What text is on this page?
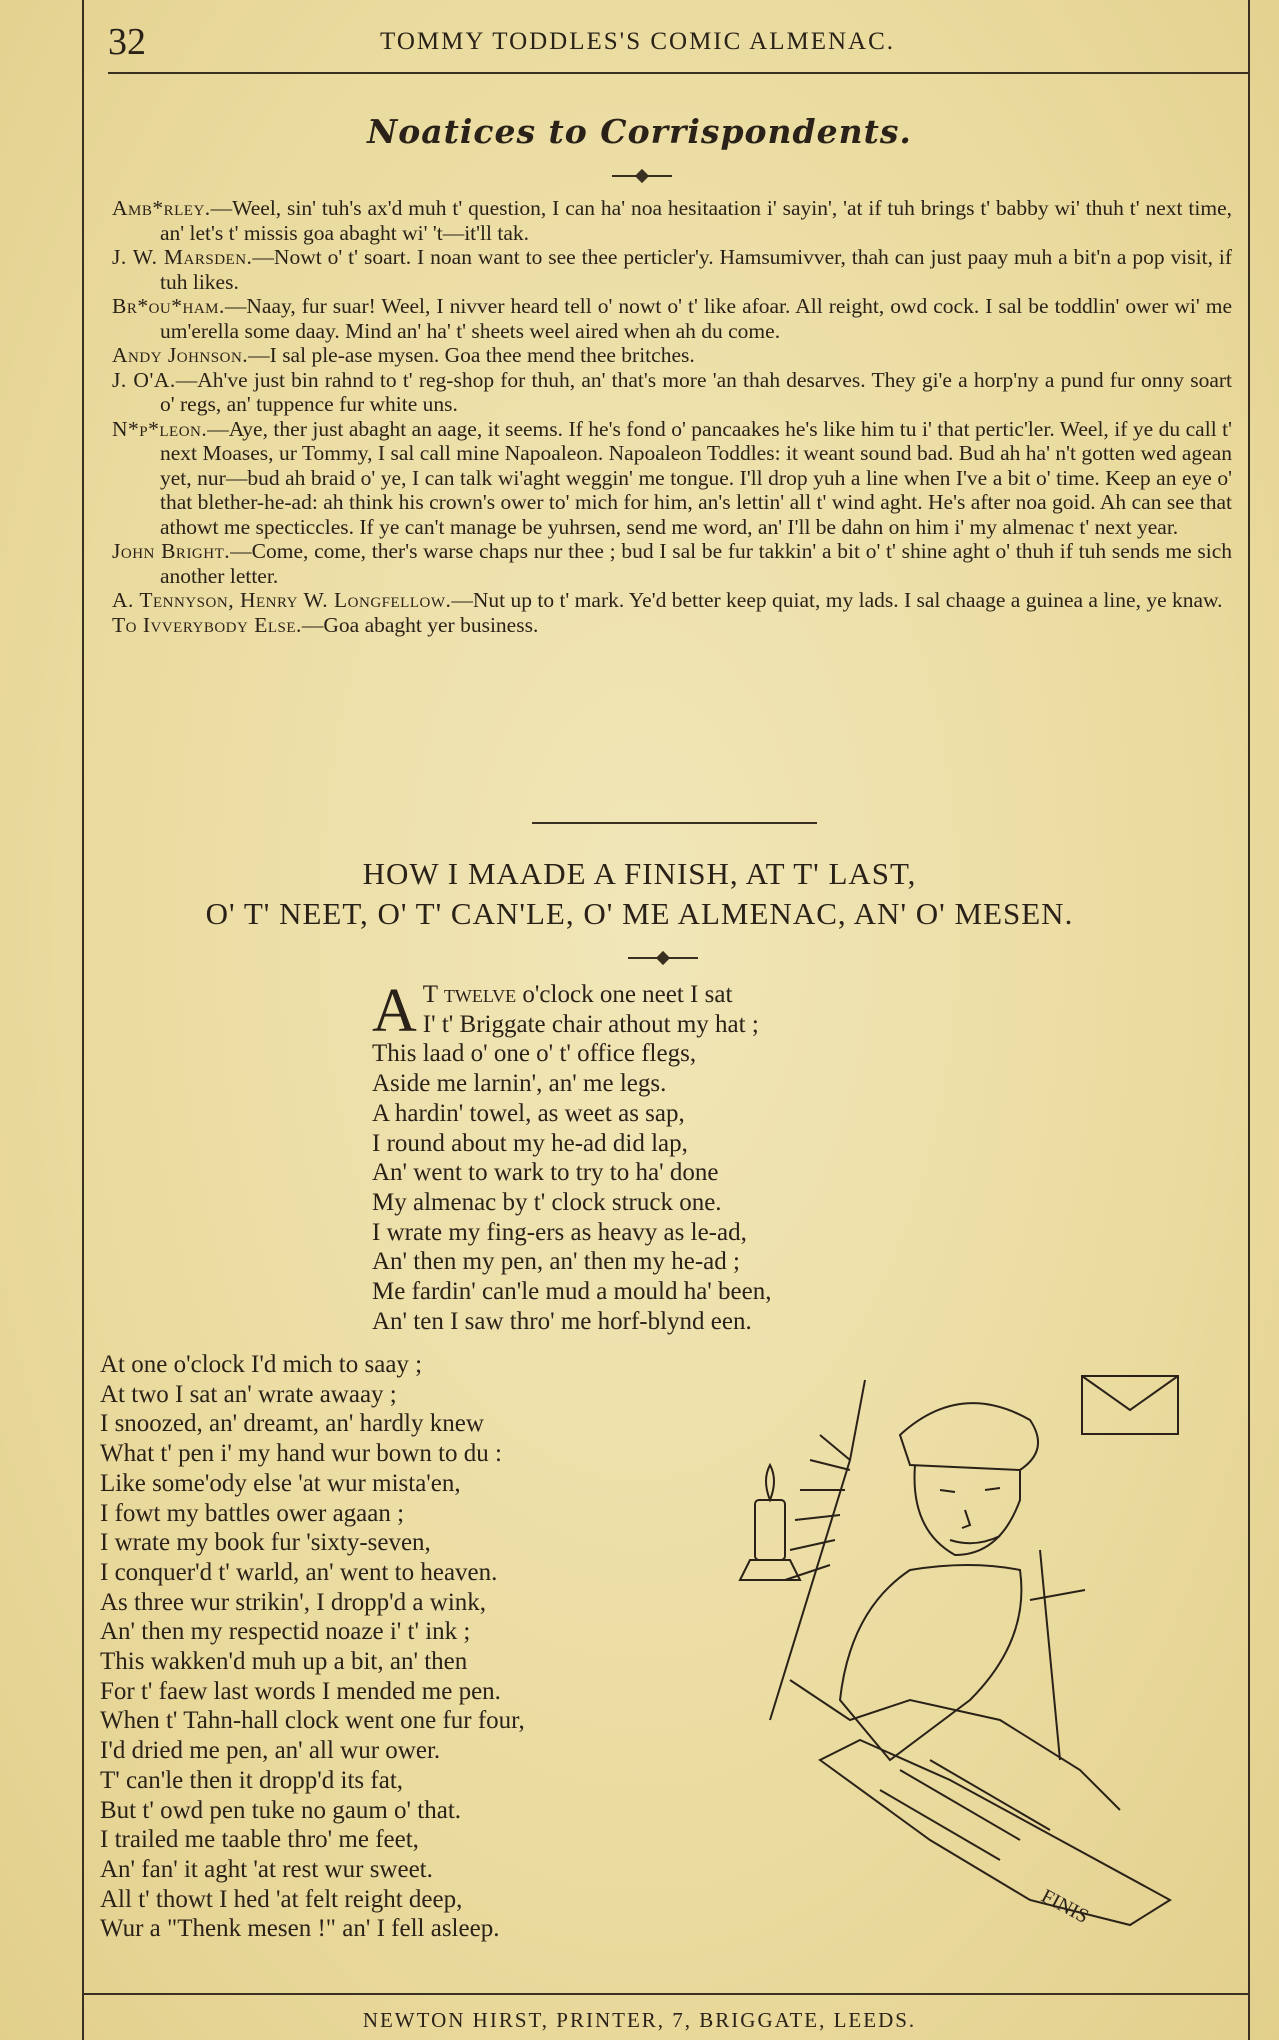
32	TOMMY TODDLES'S COMIC ALMENAC.
Noatices to Corrispondents.

Amb*rley.—Weel, sin' tuh's ax'd muh t' question, I can ha' noa hesitaation i' sayin', 'at if tuh brings t' babby wi' thuh t' next time, an' let's t' missis goa abaght wi' 't—it'll tak.

J. W. Marsden.—Nowt o' t' soart. I noan want to see thee perticler'y. Hamsumivver, thah can just paay muh a bit'n a pop visit, if tuh likes.

Br*ou*ham.—Naay, fur suar! Weel, I nivver heard tell o' nowt o' t' like afoar. All reight, owd cock. I sal be toddlin' ower wi' me um'erella some daay. Mind an' ha' t' sheets weel aired when ah du come.

Andy Johnson.—I sal ple-ase mysen. Goa thee mend thee britches.

J. O'A.—Ah've just bin rahnd to t' reg-shop for thuh, an' that's more 'an thah desarves. They gi'e a horp'ny a pund fur onny soart o' regs, an' tuppence fur white uns.

N*p*leon.—Aye, ther just abaght an aage, it seems. If he's fond o' pancaakes he's like him tu i' that pertic'ler. Weel, if ye du call t' next Moases, ur Tommy, I sal call mine Napoaleon. Napoaleon Toddles: it weant sound bad. Bud ah ha' n't gotten wed agean yet, nur—bud ah braid o' ye, I can talk wi'aght weggin' me tongue. I'll drop yuh a line when I've a bit o' time. Keep an eye o' that blether-he-ad: ah think his crown's ower to' mich for him, an's lettin' all t' wind aght. He's after noa goid. Ah can see that athowt me specticcles. If ye can't manage be yuhrsen, send me word, an' I'll be dahn on him i' my almenac t' next year.

John Bright.—Come, come, ther's warse chaps nur thee ; bud I sal be fur takkin' a bit o' t' shine aght o' thuh if tuh sends me sich another letter.

A. Tennyson, Henry W. Longfellow.—Nut up to t' mark. Ye'd better keep quiat, my lads. I sal chaage a guinea a line, ye knaw.

To Ivverybody Else.—Goa abaght yer business.

HOW I MAADE A FINISH, AT T' LAST,
O' T' NEET, O' T' CAN'LE, O' ME ALMENAC, AN' O' MESEN.
A T twelve o'clock one neet I sat
I' t' Briggate chair athout my hat ;
This laad o' one o' t' office flegs,
Aside me larnin', an' me legs.
A hardin' towel, as weet as sap,
I round about my he-ad did lap,
An' went to wark to try to ha' done
My almenac by t' clock struck one.
I wrate my fing-ers as heavy as le-ad,
An' then my pen, an' then my he-ad ;
Me fardin' can'le mud a mould ha' been,
An' ten I saw thro' me horf-blynd een.
At one o'clock I'd mich to saay ;
At two I sat an' wrate awaay ;
I snoozed, an' dreamt, an' hardly knew
What t' pen i' my hand wur bown to du :
Like some'ody else 'at wur mista'en,
I fowt my battles ower agaan ;
I wrate my book fur 'sixty-seven,
I conquer'd t' warld, an' went to heaven.
As three wur strikin', I dropp'd a wink,
An' then my respectid noaze i' t' ink ;
This wakken'd muh up a bit, an' then
For t' faew last words I mended me pen.
When t' Tahn-hall clock went one fur four,
I'd dried me pen, an' all wur ower.
T' can'le then it dropp'd its fat,
But t' owd pen tuke no gaum o' that.
I trailed me taable thro' me feet,
An' fan' it aght 'at rest wur sweet.
All t' thowt I hed 'at felt reight deep,
Wur a "Thenk mesen !" an' I fell asleep.
FINIS
NEWTON HIRST, PRINTER, 7, BRIGGATE, LEEDS.
